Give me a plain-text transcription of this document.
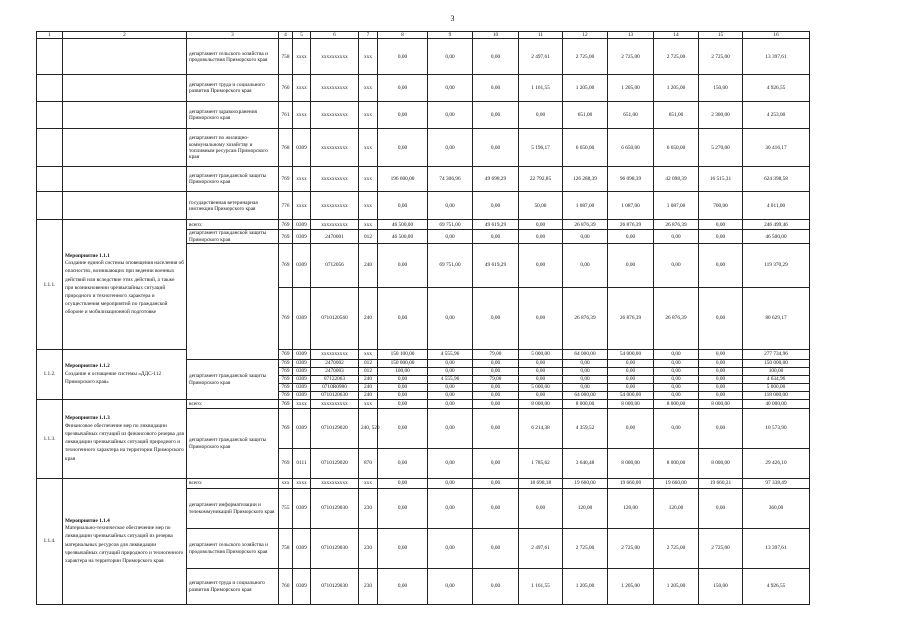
3
1	2	3	4	5	6	7	8	9	10	11	12	13	14	15	16
		департамент сельского хозяйства и продовольствия Приморского края	758	xxxx	xxxxxxxxxx	xxx	0,00	0,00	0,00	2 497,61	2 725,00	2 725,00	2 725,00	2 725,00	13 397,61
		департамент труда и социального развития Приморского края	760	xxxx	xxxxxxxxxx	xxx	0,00	0,00	0,00	1 161,55	1 205,00	1 205,00	1 205,00	150,00	4 926,55
		департамент здравоохранения Приморского края	761	xxxx	xxxxxxxxxx	xxx	0,00	0,00	0,00	0,00	651,00	651,00	651,00	2 300,00	4 253,00
		департамент по жилищно-коммунальному хозяйству и топливным ресурсам Приморского края	768	0309	xxxxxxxxxx	xxx	0,00	0,00	0,00	5 196,17	6 650,00	6 650,00	6 650,00	5 270,00	30 416,17
		департамент гражданской защиты Приморского края	769	xxxx	xxxxxxxxxx	xxx	196 600,00	74 306,96	49 698,29	22 792,85	126 288,39	96 098,39	42 098,39	16 515,31	624 398,58
		государственная ветеринарная инспекция Приморского края	776	xxxx	xxxxxxxxxx	xxx	0,00	0,00	0,00	50,00	1 087,00	1 087,00	1 087,00	700,00	4 011,00
1.1.1.	Мероприятие 1.1.1
Создание единой системы оповещения населения об опасностях, возникающих при ведении военных действий или вследствие этих действий, а также при возникновении чрезвычайных ситуаций природного и техногенного характера и осуществления мероприятий по гражданской обороне и мобилизационной подготовке	всего:	769	0309	xxxxxxxxxx	xxx	46 500,00	69 751,00	49 619,29	0,00	26 876,39	26 876,39	26 876,39	0,00	246 499,46
		департамент гражданской защиты Приморского края	769	0309	2470001	012	46 500,00	0,00	0,00	0,00	0,00	0,00	0,00	0,00	46 500,00
			769	0309	0712056	240	0,00	69 751,00	49 619,29	0,00	0,00	0,00	0,00	0,00	119 370,29
			769	0309	0710120560	240	0,00	0,00	0,00	0,00	26 876,39	26 876,39	26 876,39	0,00	80 629,17
1.1.2.	Мероприятие 1.1.2
Создание и оснащение системы «ДДС-112 Приморского края»		769	0309	xxxxxxxxxx	xxx	150 100,00	4 555,96	79,00	5 000,00	64 000,00	54 000,00	0,00	0,00	277 734,96
		департамент гражданской защиты Приморского края	769	0309	2470002	012	150 000,00	0,00	0,00	0,00	0,00	0,00	0,00	0,00	150 000,00
			769	0309	2470003	012	100,00	0,00	0,00	0,00	0,00	0,00	0,00	0,00	100,00
			769	0309	07122063	240	0,00	4 555,96	79,00	0,00	0,00	0,00	0,00	0,00	4 634,96
			769	0309	0710R0980	240	0,00	0,00	0,00	5 000,00	0,00	0,00	0,00	0,00	5 000,00
			769	0309	0710120630	240	0,00	0,00	0,00	0,00	64 000,00	54 000,00	0,00	0,00	118 000,00
1.1.3.	Мероприятие 1.1.3
Финансовое обеспечение мер по ликвидации чрезвычайных ситуаций из финансового резерва для ликвидации чрезвычайных ситуаций природного и техногенного характера на территории Приморского края	всего:	769	xxxx	xxxxxxxxxx	xxx	0,00	0,00	0,00	8 000,00	8 000,00	8 000,00	8 000,00	8 000,00	40 000,00
		департамент гражданской защиты Приморского края	769	0309	0710129020	240, 520	0,00	0,00	0,00	6 214,38	4 359,52	0,00	0,00	0,00	10 573,90
			769	0111	0710129020	870	0,00	0,00	0,00	1 785,62	3 640,48	8 000,00	8 000,00	8 000,00	29 426,10
1.1.4.	Мероприятие 1.1.4
Материально-техническое обеспечение мер по ликвидации чрезвычайных ситуаций из резерва материальных ресурсов для ликвидации чрезвычайных ситуаций природного и техногенного характера на территории Приморского края	всего:	xxx	xxxx	xxxxxxxxxx	xxx	0,00	0,00	0,00	18 698,18	19 660,00	19 660,00	19 660,00	19 660,31	97 338,49
		департамент информатизации и телекоммуникаций Приморского края	755	0309	0710129030	230	0,00	0,00	0,00	0,00	120,00	120,00	120,00	0,00	360,00
		департамент сельского хозяйства и продовольствия Приморского края	758	0309	0710129030	230	0,00	0,00	0,00	2 497,61	2 725,00	2 725,00	2 725,00	2 725,00	13 397,61
		департамент труда и социального развития Приморского края	760	0309	0710129030	230	0,00	0,00	0,00	1 161,55	1 205,00	1 205,00	1 205,00	150,00	4 926,55
